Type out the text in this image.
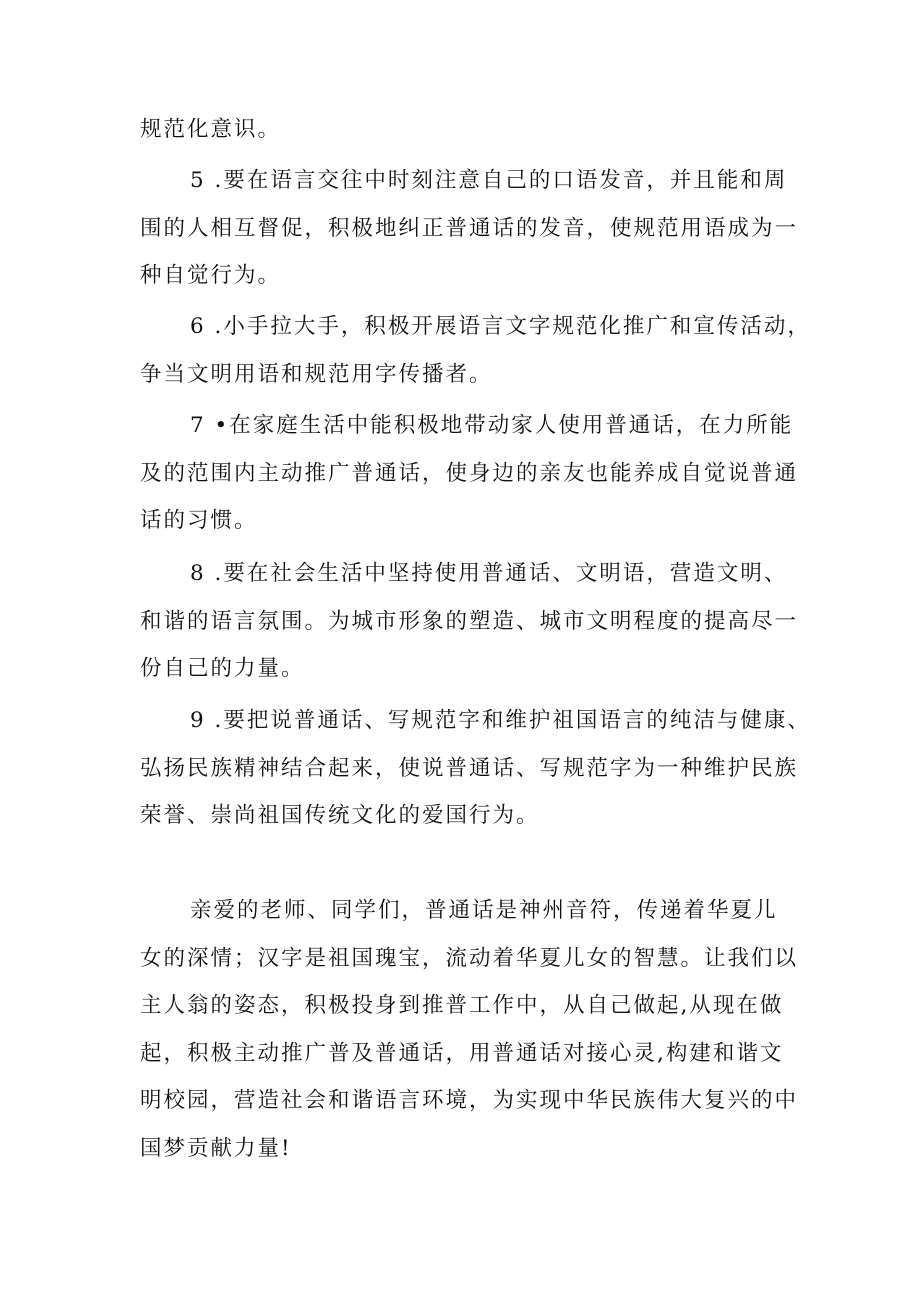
规范化意识。
5 .要在语言交往中时刻注意自己的口语发音，并且能和周
围的人相互督促，积极地纠正普通话的发音，使规范用语成为一
种自觉行为。
6 .小手拉大手，积极开展语言文字规范化推广和宣传活动，
争当文明用语和规范用字传播者。
7 •在家庭生活中能积极地带动家人使用普通话，在力所能
及的范围内主动推广普通话，使身边的亲友也能养成自觉说普通
话的习惯。
8 .要在社会生活中坚持使用普通话、文明语，营造文明、
和谐的语言氛围。为城市形象的塑造、城市文明程度的提高尽一
份自己的力量。
9 .要把说普通话、写规范字和维护祖国语言的纯洁与健康、
弘扬民族精神结合起来，使说普通话、写规范字为一种维护民族
荣誉、崇尚祖国传统文化的爱国行为。
亲爱的老师、同学们，普通话是神州音符，传递着华夏儿
女的深情；汉字是祖国瑰宝，流动着华夏儿女的智慧。让我们以
主人翁的姿态，积极投身到推普工作中，从自己做起,从现在做
起，积极主动推广普及普通话，用普通话对接心灵,构建和谐文
明校园，营造社会和谐语言环境，为实现中华民族伟大复兴的中
国梦贡献力量!
